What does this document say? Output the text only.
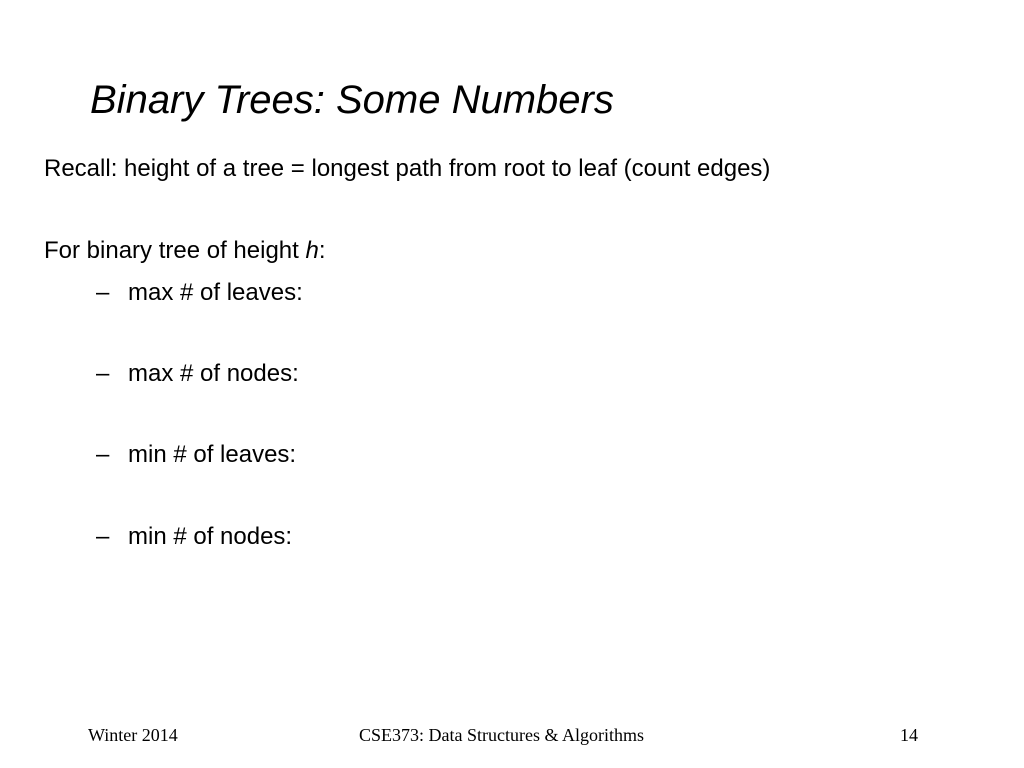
Binary Trees: Some Numbers
Recall: height of a tree = longest path from root to leaf (count edges)
For binary tree of height h:
– max # of leaves:
– max # of nodes:
– min # of leaves:
– min # of nodes:
Winter 2014	CSE373: Data Structures & Algorithms	14
